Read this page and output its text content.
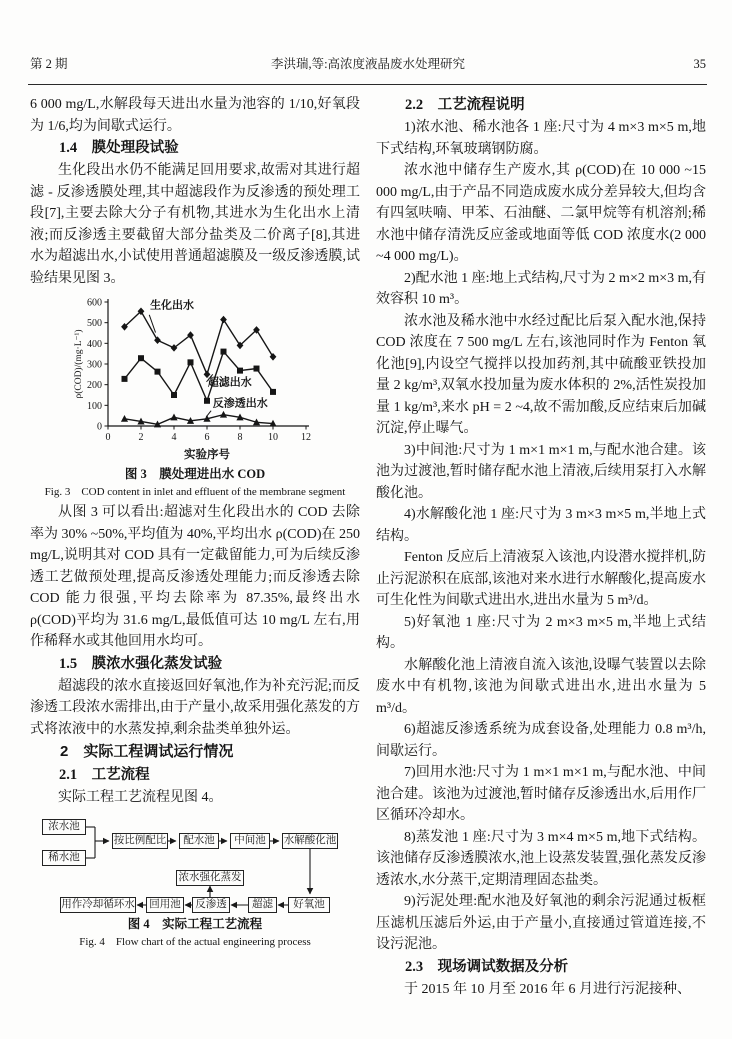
第 2 期	李洪瑞,等:高浓度液晶废水处理研究	35

6 000 mg/L,水解段每天进出水量为池容的 1/10,好氧段为 1/6,均为间歇式运行。

1.4　膜处理段试验

生化段出水仍不能满足回用要求,故需对其进行超滤 - 反渗透膜处理,其中超滤段作为反渗透的预处理工段[7],主要去除大分子有机物,其进水为生化出水上清液;而反渗透主要截留大部分盐类及二价离子[8],其进水为超滤出水,小试使用普通超滤膜及一级反渗透膜,试验结果见图 3。

0
100
200
300
400
500
600
0	2	4	6	8	10 12
实验序号
ρ(COD)/(mg·L⁻¹)
生化出水
超滤出水
反渗透出水

图 3　膜处理进出水 COD

Fig. 3　COD content in inlet and effluent of the membrane segment

从图 3 可以看出:超滤对生化段出水的 COD 去除率为 30% ~50%,平均值为 40%,平均出水 ρ(COD)在 250 mg/L,说明其对 COD 具有一定截留能力,可为后续反渗透工艺做预处理,提高反渗透处理能力;而反渗透去除 COD 能力很强,平均去除率为 87.35%,最终出水 ρ(COD)平均为 31.6 mg/L,最低值可达 10 mg/L 左右,用作稀释水或其他回用水均可。

1.5　膜浓水强化蒸发试验

超滤段的浓水直接返回好氧池,作为补充污泥;而反渗透工段浓水需排出,由于产量小,故采用强化蒸发的方式将浓液中的水蒸发掉,剩余盐类单独外运。

2　实际工程调试运行情况

2.1　工艺流程

实际工程工艺流程见图 4。

浓水池
稀水池
按比例配比	配水池	中间池	水解酸化池
浓水强化蒸发
用作冷却循环水	回用池	反渗透	超滤	好氧池

图 4　实际工程工艺流程

Fig. 4　Flow chart of the actual engineering process

2.2　工艺流程说明

1)浓水池、稀水池各 1 座:尺寸为 4 m×3 m×5 m,地下式结构,环氧玻璃钢防腐。

浓水池中储存生产废水,其 ρ(COD)在 10 000 ~15 000 mg/L,由于产品不同造成废水成分差异较大,但均含有四氢呋喃、甲苯、石油醚、二氯甲烷等有机溶剂;稀水池中储存清洗反应釜或地面等低 COD 浓度水(2 000 ~4 000 mg/L)。

2)配水池 1 座:地上式结构,尺寸为 2 m×2 m×3 m,有效容积 10 m³。

浓水池及稀水池中水经过配比后泵入配水池,保持 COD 浓度在 7 500 mg/L 左右,该池同时作为 Fenton 氧化池[9],内设空气搅拌以投加药剂,其中硫酸亚铁投加量 2 kg/m³,双氧水投加量为废水体积的 2%,活性炭投加量 1 kg/m³,来水 pH = 2 ~4,故不需加酸,反应结束后加碱沉淀,停止曝气。

3)中间池:尺寸为 1 m×1 m×1 m,与配水池合建。该池为过渡池,暂时储存配水池上清液,后续用泵打入水解酸化池。

4)水解酸化池 1 座:尺寸为 3 m×3 m×5 m,半地上式结构。

Fenton 反应后上清液泵入该池,内设潜水搅拌机,防止污泥淤积在底部,该池对来水进行水解酸化,提高废水可生化性为间歇式进出水,进出水量为 5 m³/d。

5)好氧池 1 座:尺寸为 2 m×3 m×5 m,半地上式结构。

水解酸化池上清液自流入该池,设曝气装置以去除废水中有机物,该池为间歇式进出水,进出水量为 5 m³/d。

6)超滤反渗透系统为成套设备,处理能力 0.8 m³/h,间歇运行。

7)回用水池:尺寸为 1 m×1 m×1 m,与配水池、中间池合建。该池为过渡池,暂时储存反渗透出水,后用作厂区循环冷却水。

8)蒸发池 1 座:尺寸为 3 m×4 m×5 m,地下式结构。该池储存反渗透膜浓水,池上设蒸发装置,强化蒸发反渗透浓水,水分蒸干,定期清理固态盐类。

9)污泥处理:配水池及好氧池的剩余污泥通过板框压滤机压滤后外运,由于产量小,直接通过管道连接,不设污泥池。

2.3　现场调试数据及分析

于 2015 年 10 月至 2016 年 6 月进行污泥接种、
